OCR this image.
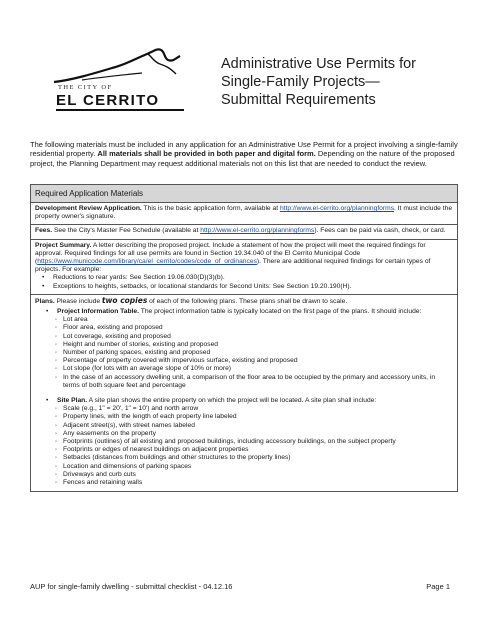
THE CITY OF
EL CERRITO
Administrative Use Permits for
Single-Family Projects—
Submittal Requirements
The following materials must be included in any application for an Administrative Use Permit for a project involving a single-family residential property. All materials shall be provided in both paper and digital form. Depending on the nature of the proposed project, the Planning Department may request additional materials not on this list that are needed to conduct the review.
Required Application Materials
Development Review Application. This is the basic application form, available at http://www.el-cerrito.org/planningforms. It must include the property owner's signature.
Fees. See the City's Master Fee Schedule (available at http://www.el-cerrito.org/planningforms). Fees can be paid via cash, check, or card.
Project Summary. A letter describing the proposed project. Include a statement of how the project will meet the required findings for approval. Required findings for all use permits are found in Section 19.34.040 of the El Cerrito Municipal Code (https://www.municode.com/library/ca/el_cerrito/codes/code_of_ordinances). There are additional required findings for certain types of projects. For example:
• Reductions to rear yards: See Section 19.06.030(D)(3)(b).
• Exceptions to heights, setbacks, or locational standards for Second Units: See Section 19.20.190(H).
Plans. Please include two copies of each of the following plans. These plans shall be drawn to scale.
• Project Information Table. The project information table is typically located on the first page of the plans. It should include:
◦ Lot area
◦ Floor area, existing and proposed
◦ Lot coverage, existing and proposed
◦ Height and number of stories, existing and proposed
◦ Number of parking spaces, existing and proposed
◦ Percentage of property covered with impervious surface, existing and proposed
◦ Lot slope (for lots with an average slope of 10% or more)
◦ In the case of an accessory dwelling unit, a comparison of the floor area to be occupied by the primary and accessory units, in terms of both square feet and percentage
• Site Plan. A site plan shows the entire property on which the project will be located. A site plan shall include:
◦ Scale (e.g., 1" = 20', 1" = 10') and north arrow
◦ Property lines, with the length of each property line labeled
◦ Adjacent street(s), with street names labeled
◦ Any easements on the property
◦ Footprints (outlines) of all existing and proposed buildings, including accessory buildings, on the subject property
◦ Footprints or edges of nearest buildings on adjacent properties
◦ Setbacks (distances from buildings and other structures to the property lines)
◦ Location and dimensions of parking spaces
◦ Driveways and curb cuts
◦ Fences and retaining walls
AUP for single-family dwelling - submittal checklist - 04.12.16	Page 1
